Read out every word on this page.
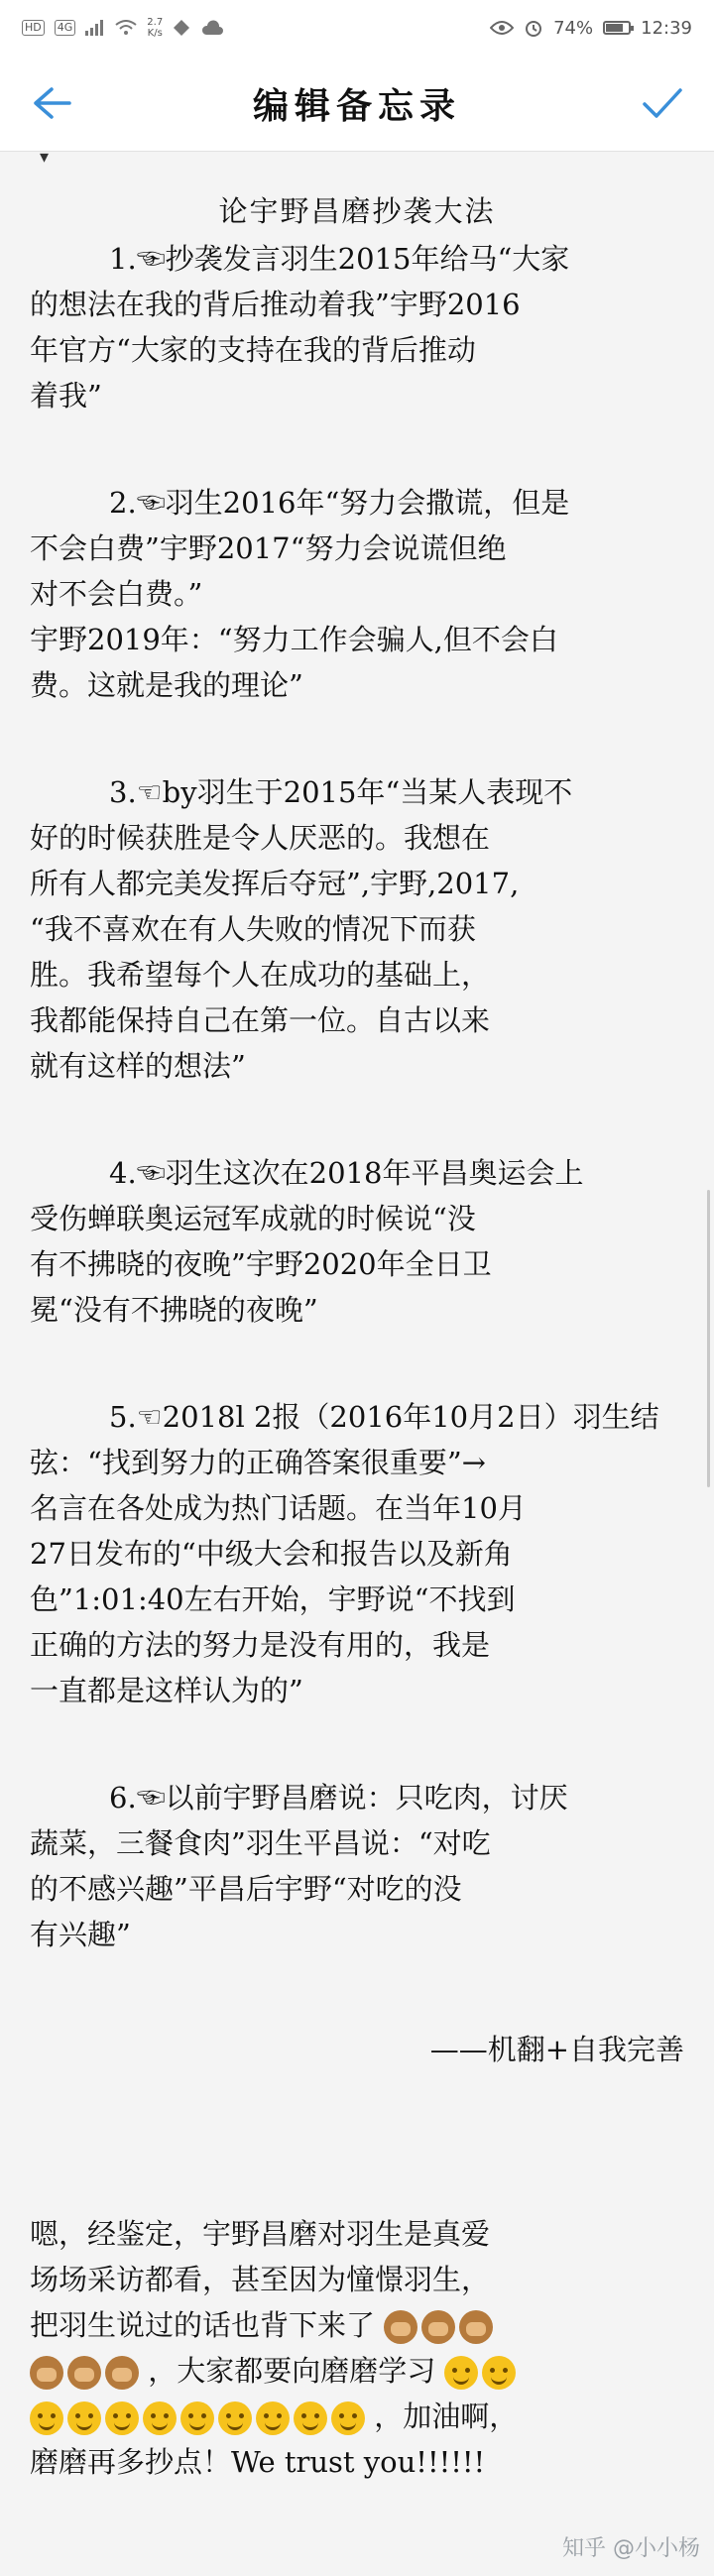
HD 4G	2.7
K/s	74%	12:39
编辑备忘录
▾

论宇野昌磨抄袭大法

1.☜抄袭发言羽生2015年给马“大家

的想法在我的背后推动着我”宇野2016

年官方“大家的支持在我的背后推动

着我”

2.☜羽生2016年“努力会撒谎，但是

不会白费”宇野2017“努力会说谎但绝

对不会白费。”

宇野2019年：“努力工作会骗人,但不会白

费。这就是我的理论”

3.☜by羽生于2015年“当某人表现不

好的时候获胜是令人厌恶的。我想在

所有人都完美发挥后夺冠”,宇野,2017,

“我不喜欢在有人失败的情况下而获

胜。我希望每个人在成功的基础上，

我都能保持自己在第一位。自古以来

就有这样的想法”

4.☜羽生这次在2018年平昌奥运会上

受伤蝉联奥运冠军成就的时候说“没

有不拂晓的夜晚”宇野2020年全日卫

冕“没有不拂晓的夜晚”

5.☜2018l 2报（2016年10月2日）羽生结

弦：“找到努力的正确答案很重要”→

名言在各处成为热门话题。在当年10月

27日发布的“中级大会和报告以及新角

色”1:01:40左右开始，宇野说“不找到

正确的方法的努力是没有用的，我是

一直都是这样认为的”

6.☜以前宇野昌磨说：只吃肉，讨厌

蔬菜，三餐食肉”羽生平昌说：“对吃

的不感兴趣”平昌后宇野“对吃的没

有兴趣”

——机翻+自我完善

嗯，经鉴定，宇野昌磨对羽生是真爱

场场采访都看，甚至因为憧憬羽生，

把羽生说过的话也背下来了

，大家都要向磨磨学习

，加油啊，

磨磨再多抄点！We trust you!!!!!!

知乎 @小小杨
